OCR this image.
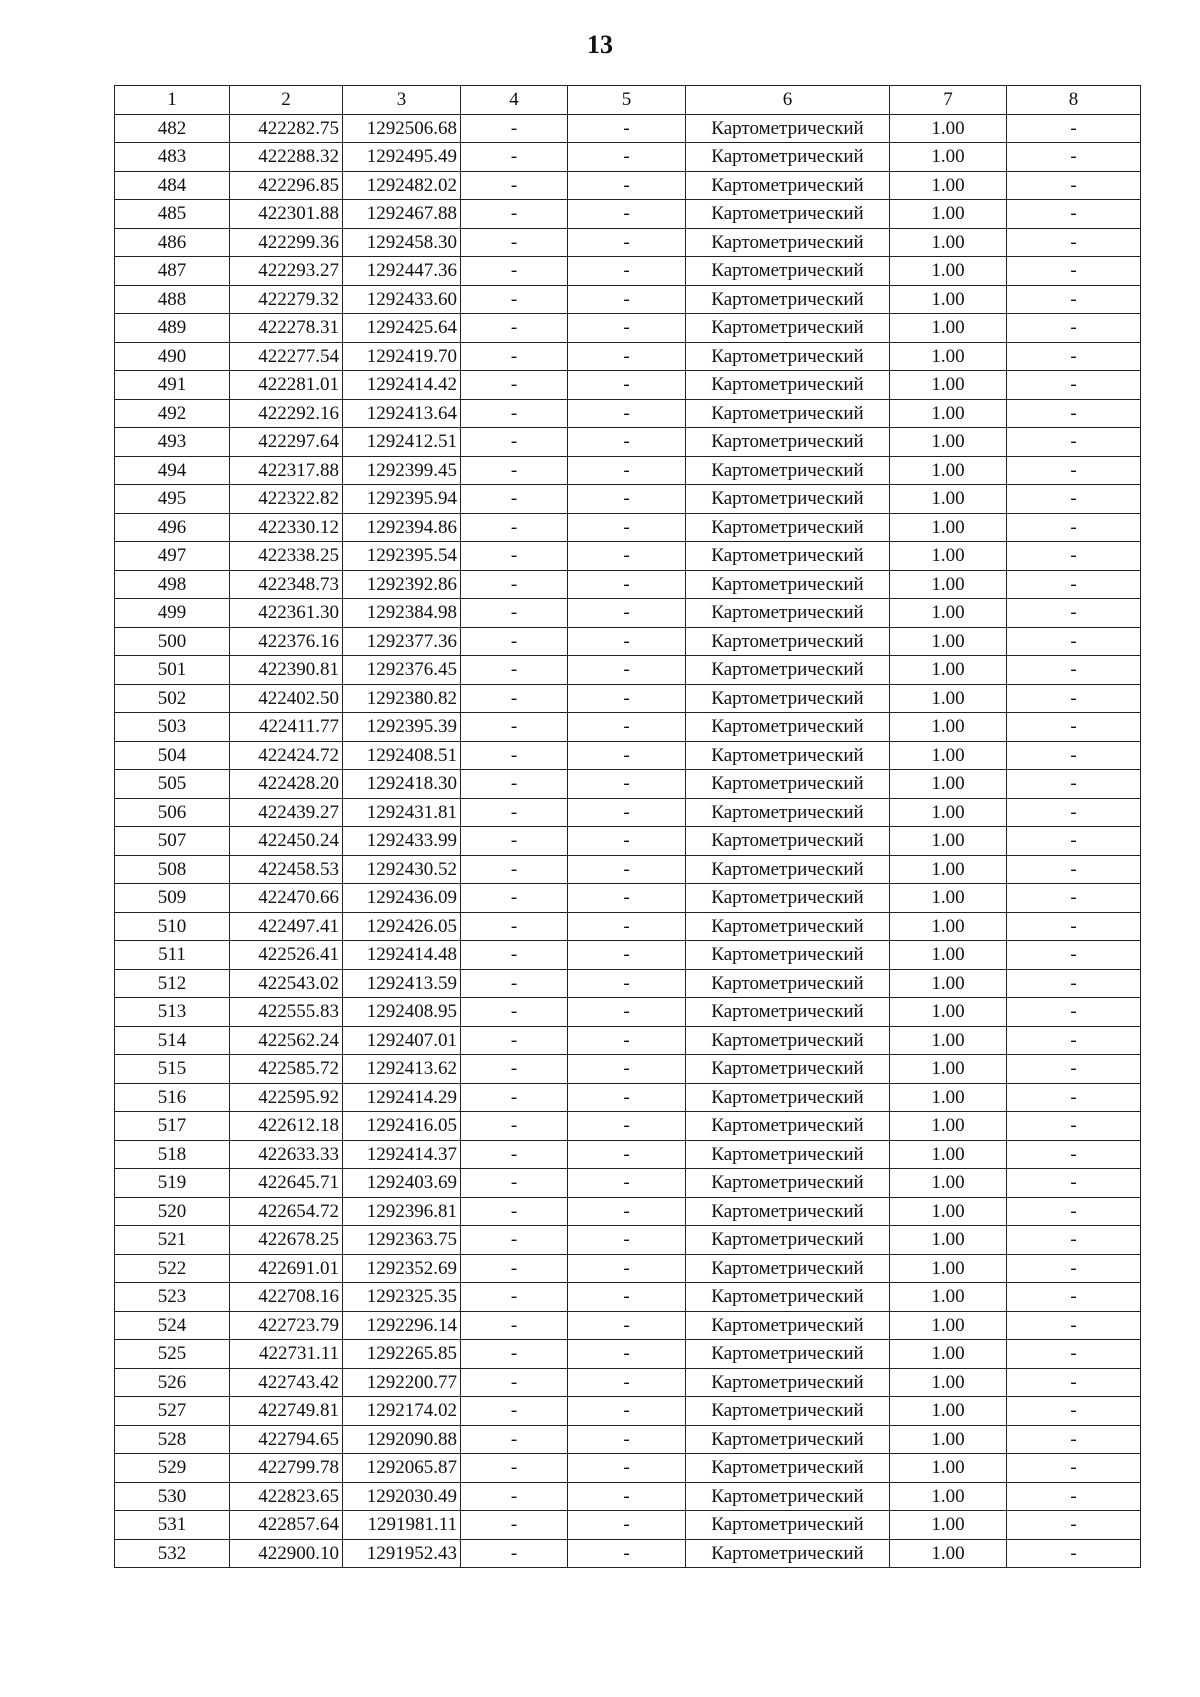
13
1	2	3	4	5	6	7	8
482	422282.75	1292506.68	-	-	Картометрический	1.00	-
483	422288.32	1292495.49	-	-	Картометрический	1.00	-
484	422296.85	1292482.02	-	-	Картометрический	1.00	-
485	422301.88	1292467.88	-	-	Картометрический	1.00	-
486	422299.36	1292458.30	-	-	Картометрический	1.00	-
487	422293.27	1292447.36	-	-	Картометрический	1.00	-
488	422279.32	1292433.60	-	-	Картометрический	1.00	-
489	422278.31	1292425.64	-	-	Картометрический	1.00	-
490	422277.54	1292419.70	-	-	Картометрический	1.00	-
491	422281.01	1292414.42	-	-	Картометрический	1.00	-
492	422292.16	1292413.64	-	-	Картометрический	1.00	-
493	422297.64	1292412.51	-	-	Картометрический	1.00	-
494	422317.88	1292399.45	-	-	Картометрический	1.00	-
495	422322.82	1292395.94	-	-	Картометрический	1.00	-
496	422330.12	1292394.86	-	-	Картометрический	1.00	-
497	422338.25	1292395.54	-	-	Картометрический	1.00	-
498	422348.73	1292392.86	-	-	Картометрический	1.00	-
499	422361.30	1292384.98	-	-	Картометрический	1.00	-
500	422376.16	1292377.36	-	-	Картометрический	1.00	-
501	422390.81	1292376.45	-	-	Картометрический	1.00	-
502	422402.50	1292380.82	-	-	Картометрический	1.00	-
503	422411.77	1292395.39	-	-	Картометрический	1.00	-
504	422424.72	1292408.51	-	-	Картометрический	1.00	-
505	422428.20	1292418.30	-	-	Картометрический	1.00	-
506	422439.27	1292431.81	-	-	Картометрический	1.00	-
507	422450.24	1292433.99	-	-	Картометрический	1.00	-
508	422458.53	1292430.52	-	-	Картометрический	1.00	-
509	422470.66	1292436.09	-	-	Картометрический	1.00	-
510	422497.41	1292426.05	-	-	Картометрический	1.00	-
511	422526.41	1292414.48	-	-	Картометрический	1.00	-
512	422543.02	1292413.59	-	-	Картометрический	1.00	-
513	422555.83	1292408.95	-	-	Картометрический	1.00	-
514	422562.24	1292407.01	-	-	Картометрический	1.00	-
515	422585.72	1292413.62	-	-	Картометрический	1.00	-
516	422595.92	1292414.29	-	-	Картометрический	1.00	-
517	422612.18	1292416.05	-	-	Картометрический	1.00	-
518	422633.33	1292414.37	-	-	Картометрический	1.00	-
519	422645.71	1292403.69	-	-	Картометрический	1.00	-
520	422654.72	1292396.81	-	-	Картометрический	1.00	-
521	422678.25	1292363.75	-	-	Картометрический	1.00	-
522	422691.01	1292352.69	-	-	Картометрический	1.00	-
523	422708.16	1292325.35	-	-	Картометрический	1.00	-
524	422723.79	1292296.14	-	-	Картометрический	1.00	-
525	422731.11	1292265.85	-	-	Картометрический	1.00	-
526	422743.42	1292200.77	-	-	Картометрический	1.00	-
527	422749.81	1292174.02	-	-	Картометрический	1.00	-
528	422794.65	1292090.88	-	-	Картометрический	1.00	-
529	422799.78	1292065.87	-	-	Картометрический	1.00	-
530	422823.65	1292030.49	-	-	Картометрический	1.00	-
531	422857.64	1291981.11	-	-	Картометрический	1.00	-
532	422900.10	1291952.43	-	-	Картометрический	1.00	-
